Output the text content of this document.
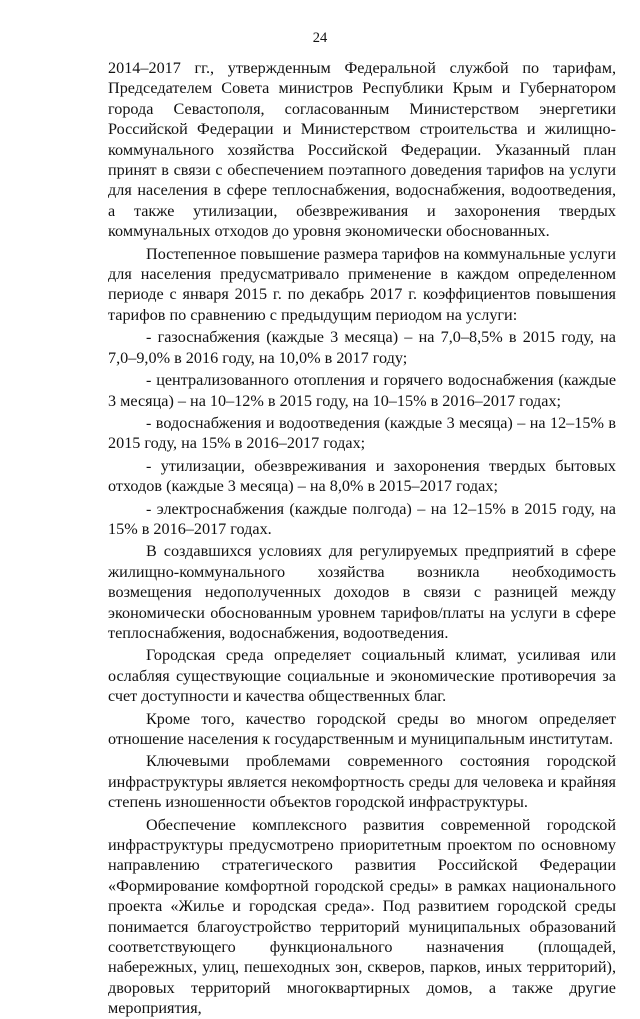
24

2014–2017 гг., утвержденным Федеральной службой по тарифам, Председателем Совета министров Республики Крым и Губернатором города Севастополя, согласованным Министерством энергетики Российской Федерации и Министерством строительства и жилищно-коммунального хозяйства Российской Федерации. Указанный план принят в связи с обеспечением поэтапного доведения тарифов на услуги для населения в сфере теплоснабжения, водоснабжения, водоотведения, а также утилизации, обезвреживания и захоронения твердых коммунальных отходов до уровня экономически обоснованных.

Постепенное повышение размера тарифов на коммунальные услуги для населения предусматривало применение в каждом определенном периоде с января 2015 г. по декабрь 2017 г. коэффициентов повышения тарифов по сравнению с предыдущим периодом на услуги:

- газоснабжения (каждые 3 месяца) – на 7,0–8,5% в 2015 году, на 7,0–9,0% в 2016 году, на 10,0% в 2017 году;

- централизованного отопления и горячего водоснабжения (каждые 3 месяца) – на 10–12% в 2015 году, на 10–15% в 2016–2017 годах;

- водоснабжения и водоотведения (каждые 3 месяца) – на 12–15% в 2015 году, на 15% в 2016–2017 годах;

- утилизации, обезвреживания и захоронения твердых бытовых отходов (каждые 3 месяца) – на 8,0% в 2015–2017 годах;

- электроснабжения (каждые полгода) – на 12–15% в 2015 году, на 15% в 2016–2017 годах.

В создавшихся условиях для регулируемых предприятий в сфере жилищно-коммунального хозяйства возникла необходимость возмещения недополученных доходов в связи с разницей между экономически обоснованным уровнем тарифов/платы на услуги в сфере теплоснабжения, водоснабжения, водоотведения.

Городская среда определяет социальный климат, усиливая или ослабляя существующие социальные и экономические противоречия за счет доступности и качества общественных благ.

Кроме того, качество городской среды во многом определяет отношение населения к государственным и муниципальным институтам.

Ключевыми проблемами современного состояния городской инфраструктуры является некомфортность среды для человека и крайняя степень изношенности объектов городской инфраструктуры.

Обеспечение комплексного развития современной городской инфраструктуры предусмотрено приоритетным проектом по основному направлению стратегического развития Российской Федерации «Формирование комфортной городской среды» в рамках национального проекта «Жилье и городская среда». Под развитием городской среды понимается благоустройство территорий муниципальных образований соответствующего функционального назначения (площадей, набережных, улиц, пешеходных зон, скверов, парков, иных территорий), дворовых территорий многоквартирных домов, а также другие мероприятия,
